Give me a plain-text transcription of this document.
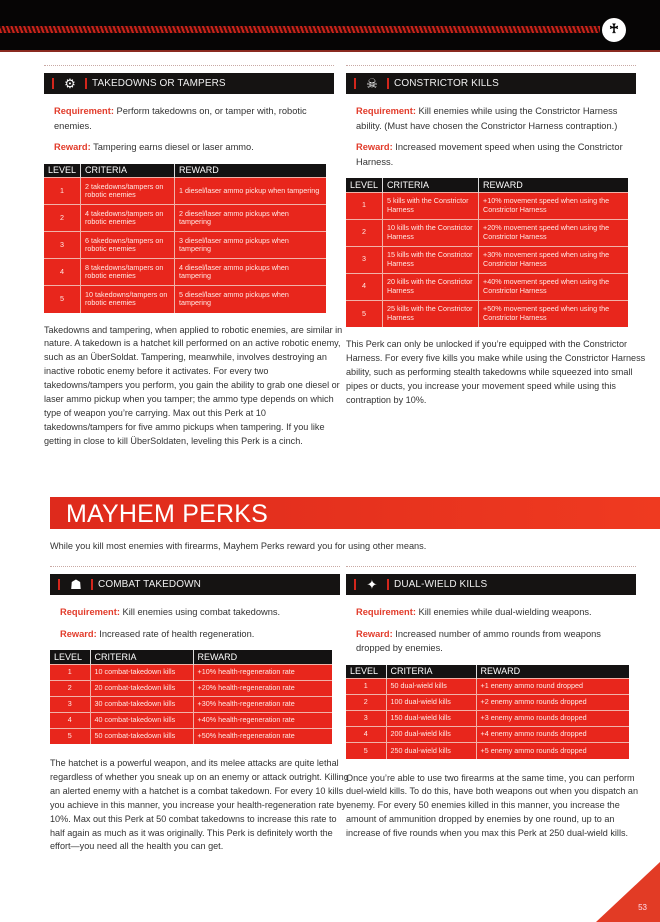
♰
⚙	TAKEDOWNS OR TAMPERS
Requirement: Perform takedowns on, or tamper with, robotic enemies.
Reward: Tampering earns diesel or laser ammo.
LEVEL	CRITERIA	REWARD
1	2 takedowns/tampers on robotic enemies	1 diesel/laser ammo pickup when tampering
2	4 takedowns/tampers on robotic enemies	2 diesel/laser ammo pickups when tampering
3	6 takedowns/tampers on robotic enemies	3 diesel/laser ammo pickups when tampering
4	8 takedowns/tampers on robotic enemies	4 diesel/laser ammo pickups when tampering
5	10 takedowns/tampers on robotic enemies	5 diesel/laser ammo pickups when tampering
Takedowns and tampering, when applied to robotic enemies, are similar in nature. A takedown is a hatchet kill performed on an active robotic enemy, such as an ÜberSoldat. Tampering, meanwhile, involves destroying an inactive robotic enemy before it activates. For every two takedowns/tampers you perform, you gain the ability to grab one diesel or laser ammo pickup when you tamper; the ammo type depends on which type of weapon you’re carrying. Max out this Perk at 10 takedowns/tampers for five ammo pickups when tampering. If you like getting in close to kill ÜberSoldaten, leveling this Perk is a cinch.
☠	CONSTRICTOR KILLS
Requirement: Kill enemies while using the Constrictor Harness ability. (Must have chosen the Constrictor Harness contraption.)
Reward: Increased movement speed when using the Constrictor Harness.
LEVEL	CRITERIA	REWARD
1	5 kills with the Constrictor Harness	+10% movement speed when using the Constrictor Harness
2	10 kills with the Constrictor Harness	+20% movement speed when using the Constrictor Harness
3	15 kills with the Constrictor Harness	+30% movement speed when using the Constrictor Harness
4	20 kills with the Constrictor Harness	+40% movement speed when using the Constrictor Harness
5	25 kills with the Constrictor Harness	+50% movement speed when using the Constrictor Harness
This Perk can only be unlocked if you’re equipped with the Constrictor Harness. For every five kills you make while using the Constrictor Harness ability, such as performing stealth takedowns while squeezed into small pipes or ducts, you increase your movement speed while using this contraption by 10%.
MAYHEM PERKS
While you kill most enemies with firearms, Mayhem Perks reward you for using other means.
☗	COMBAT TAKEDOWN
Requirement: Kill enemies using combat takedowns.
Reward: Increased rate of health regeneration.
LEVEL	CRITERIA	REWARD
1	10 combat-takedown kills	+10% health-regeneration rate
2	20 combat-takedown kills	+20% health-regeneration rate
3	30 combat-takedown kills	+30% health-regeneration rate
4	40 combat-takedown kills	+40% health-regeneration rate
5	50 combat-takedown kills	+50% health-regeneration rate
The hatchet is a powerful weapon, and its melee attacks are quite lethal regardless of whether you sneak up on an enemy or attack outright. Killing an alerted enemy with a hatchet is a combat takedown. For every 10 kills you achieve in this manner, you increase your health-regeneration rate by 10%. Max out this Perk at 50 combat takedowns to increase this rate to half again as much as it was originally. This Perk is definitely worth the effort—you need all the health you can get.
✦	DUAL-WIELD KILLS
Requirement: Kill enemies while dual-wielding weapons.
Reward: Increased number of ammo rounds from weapons dropped by enemies.
LEVEL	CRITERIA	REWARD
1	50 dual-wield kills	+1 enemy ammo round dropped
2	100 dual-wield kills	+2 enemy ammo rounds dropped
3	150 dual-wield kills	+3 enemy ammo rounds dropped
4	200 dual-wield kills	+4 enemy ammo rounds dropped
5	250 dual-wield kills	+5 enemy ammo rounds dropped
Once you’re able to use two firearms at the same time, you can perform duel-wield kills. To do this, have both weapons out when you dispatch an enemy. For every 50 enemies killed in this manner, you increase the amount of ammunition dropped by enemies by one round, up to an increase of five rounds when you max this Perk at 250 dual-wield kills.
53
